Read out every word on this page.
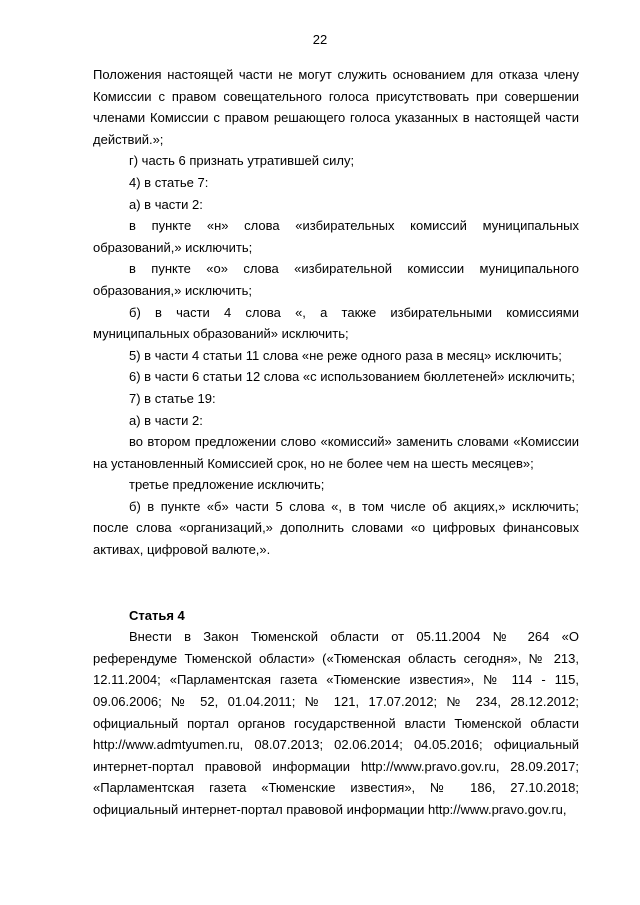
22

Положения настоящей части не могут служить основанием для отказа члену Комиссии с правом совещательного голоса присутствовать при совершении членами Комиссии с правом решающего голоса указанных в настоящей части действий.»;

г) часть 6 признать утратившей силу;

4) в статье 7:

а) в части 2:

в пункте «н» слова «избирательных комиссий муниципальных образований,» исключить;

в пункте «о» слова «избирательной комиссии муниципального образования,» исключить;

б) в части 4 слова «, а также избирательными комиссиями муниципальных образований» исключить;

5) в части 4 статьи 11 слова «не реже одного раза в месяц» исключить;

6) в части 6 статьи 12 слова «с использованием бюллетеней» исключить;

7) в статье 19:

а) в части 2:

во втором предложении слово «комиссий» заменить словами «Комиссии на установленный Комиссией срок, но не более чем на шесть месяцев»;

третье предложение исключить;

б) в пункте «б» части 5 слова «, в том числе об акциях,» исключить; после слова «организаций,» дополнить словами «о цифровых финансовых активах, цифровой валюте,».

Статья 4

Внести в Закон Тюменской области от 05.11.2004 № 264 «О референдуме Тюменской области» («Тюменская область сегодня», № 213, 12.11.2004; «Парламентская газета «Тюменские известия», № 114 - 115, 09.06.2006; № 52, 01.04.2011; № 121, 17.07.2012; № 234, 28.12.2012; официальный портал органов государственной власти Тюменской области http://www.admtyumen.ru, 08.07.2013; 02.06.2014; 04.05.2016; официальный интернет-портал правовой информации http://www.pravo.gov.ru, 28.09.2017; «Парламентская газета «Тюменские известия», № 186, 27.10.2018; официальный интернет-портал правовой информации http://www.pravo.gov.ru,
